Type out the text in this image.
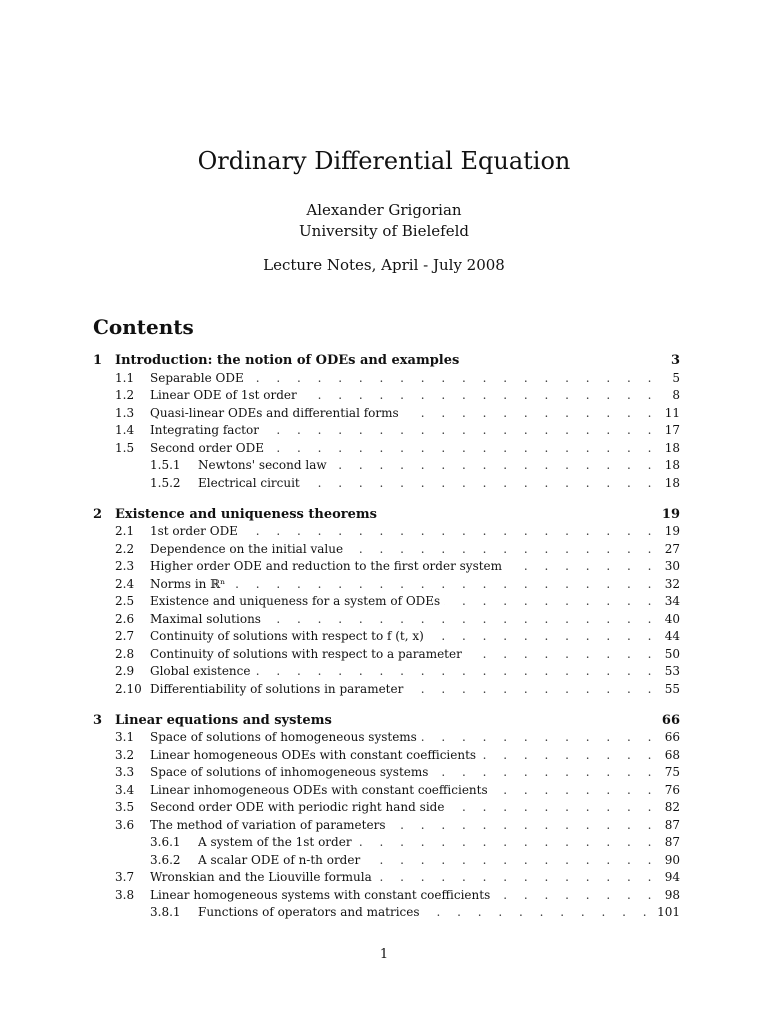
Ordinary Differential Equation
Alexander Grigorian
University of Bielefeld
Lecture Notes, April - July 2008
Contents
1 Introduction: the notion of ODEs and examples	3
1.1 Separable ODE . . .	5
1.2 Linear ODE of 1st order . . .	8
1.3 Quasi-linear ODEs and differential forms . . .	11
1.4 Integrating factor . . .	17
1.5 Second order ODE . . .	18
1.5.1 Newtons' second law . . .	18
1.5.2 Electrical circuit . . .	18
2 Existence and uniqueness theorems	19
2.1 1st order ODE . . .	19
2.2 Dependence on the initial value . . .	27
2.3 Higher order ODE and reduction to the first order system . . .	30
2.4 Norms in ℝⁿ . . .	32
2.5 Existence and uniqueness for a system of ODEs . . .	34
2.6 Maximal solutions . . .	40
2.7 Continuity of solutions with respect to f (t, x) . . .	44
2.8 Continuity of solutions with respect to a parameter . . .	50
2.9 Global existence . . .	53
2.10 Differentiability of solutions in parameter . . .	55
3 Linear equations and systems	66
3.1 Space of solutions of homogeneous systems . . .	66
3.2 Linear homogeneous ODEs with constant coefficients . . .	68
3.3 Space of solutions of inhomogeneous systems . . .	75
3.4 Linear inhomogeneous ODEs with constant coefficients . . .	76
3.5 Second order ODE with periodic right hand side . . .	82
3.6 The method of variation of parameters . . .	87
3.6.1 A system of the 1st order . . .	87
3.6.2 A scalar ODE of n-th order . . .	90
3.7 Wronskian and the Liouville formula . . .	94
3.8 Linear homogeneous systems with constant coefficients . . .	98
3.8.1 Functions of operators and matrices . . .	101
1
